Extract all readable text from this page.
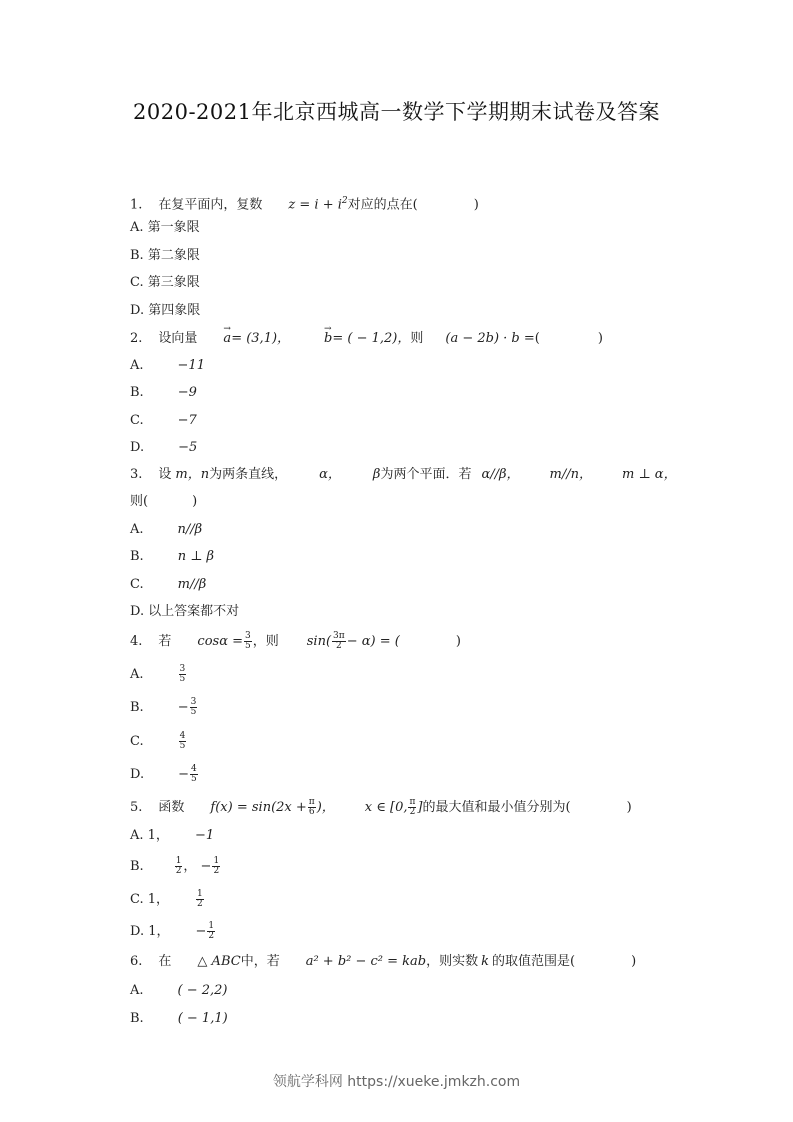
2020-2021年北京西城高一数学下学期期末试卷及答案
1. 在复平面内，复数 $z = i + i^2$对应的点在(	)
A. 第一象限
B. 第二象限
C. 第三象限
D. 第四象限
2. 设向量 → a= (3,1)，	→ b= ( − 1,2)，则 (a − 2b) · b =(	)
A.	−11
B.	−9
C.	−7
D.	−5
3. 设 m，n为两条直线， α， β为两个平面．若 α//β， m//n， m ⊥ α，
则(	)
A.	n//β
B.	n ⊥ β
C.	m//β
D. 以上答案都不对
4. 若 $\cos\alpha = \frac{3}{5}$ ，则 $\sin( \frac{3\pi}{2} - \alpha)$ = (	)
A.	$\frac{3}{5}$
B.	− $\frac{3}{5}$
C.	$\frac{4}{5}$
D.	− $\frac{4}{5}$
5. 函数 $f(x) = \sin(2x + \frac{\pi}{6}$ )， x ∈ [0, $\frac{\pi}{2}$ ]的最大值和最小值分别为(	)
A. 1， −1
B.	$\frac{1}{2}$ ， − $\frac{1}{2}$
C. 1，	$\frac{1}{2}$
D. 1， − $\frac{1}{2}$
6. 在 △ ABC中，若 a² + b² − c² = kab，则实数 k 的取值范围是(	)
A.	( − 2,2)
B.	( − 1,1)
领航学科网 https://xueke.jmkzh.com
